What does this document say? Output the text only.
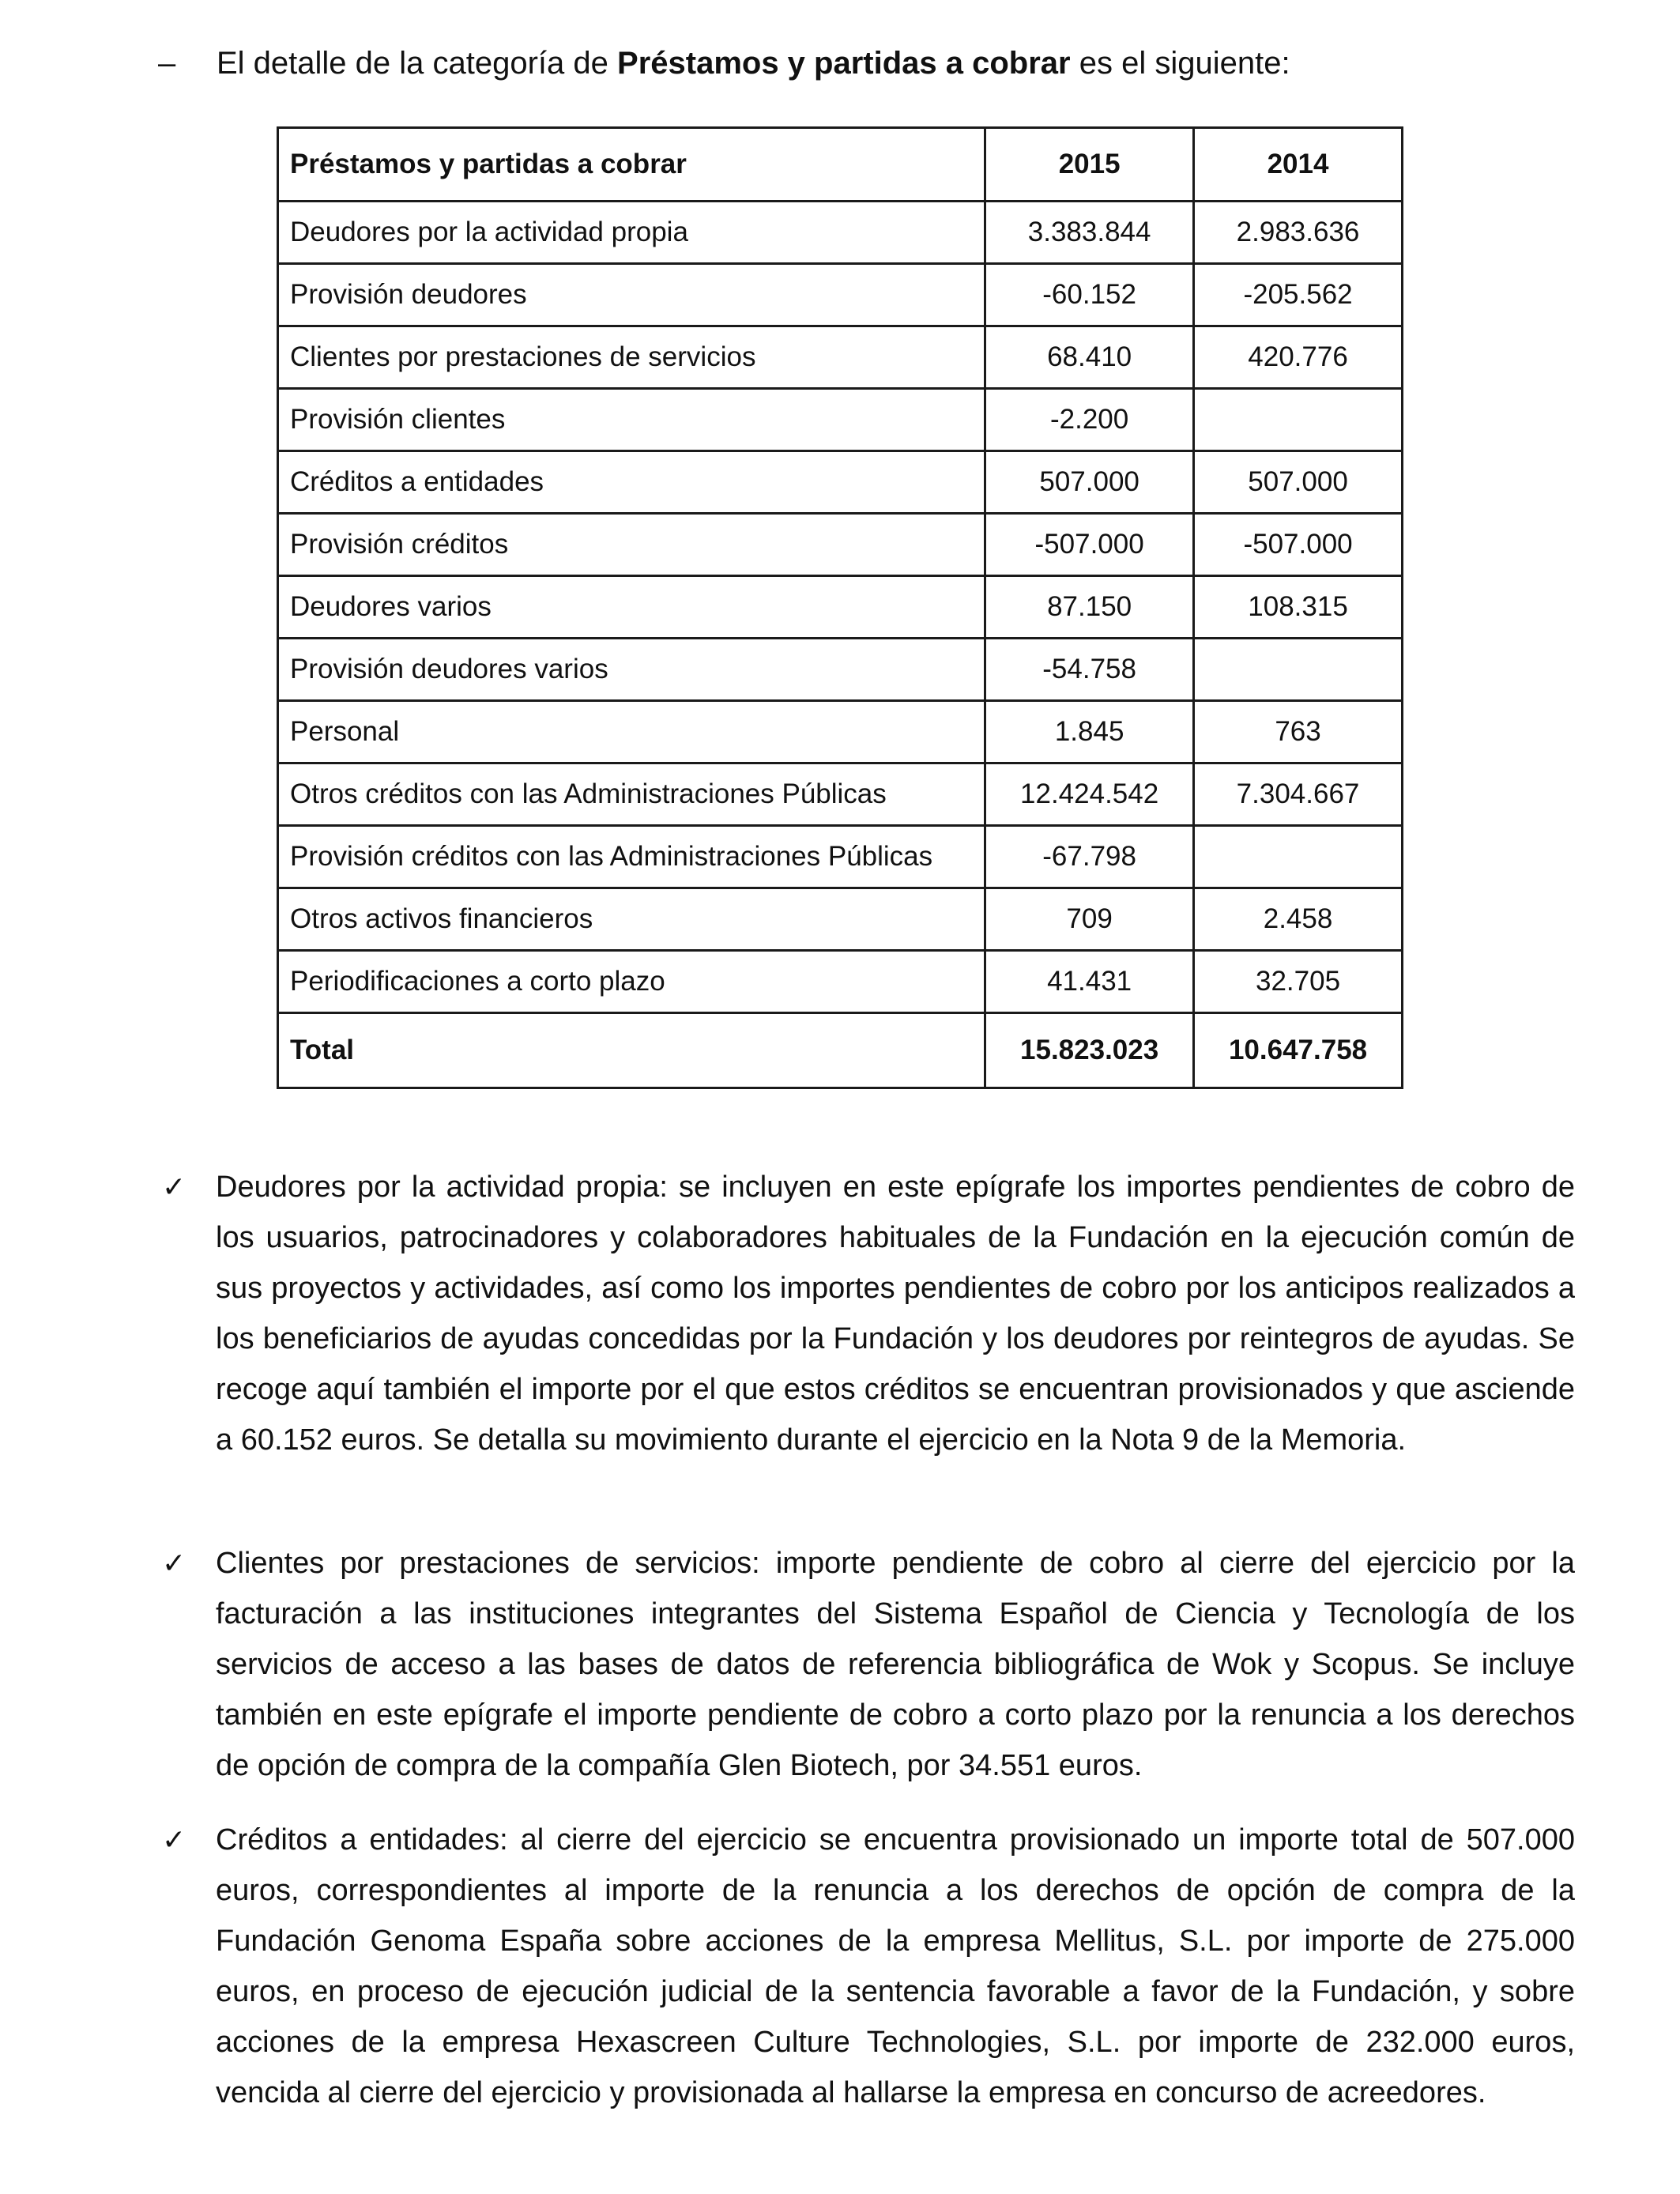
– El detalle de la categoría de Préstamos y partidas a cobrar es el siguiente:
Préstamos y partidas a cobrar	2015	2014
Deudores por la actividad propia	3.383.844	2.983.636
Provisión deudores	-60.152	-205.562
Clientes por prestaciones de servicios	68.410	420.776
Provisión clientes	-2.200	
Créditos a entidades	507.000	507.000
Provisión créditos	-507.000	-507.000
Deudores varios	87.150	108.315
Provisión deudores varios	-54.758	
Personal	1.845	763
Otros créditos con las Administraciones Públicas	12.424.542	7.304.667
Provisión créditos con las Administraciones Públicas	-67.798	
Otros activos financieros	709	2.458
Periodificaciones a corto plazo	41.431	32.705
Total	15.823.023	10.647.758
✓ Deudores por la actividad propia: se incluyen en este epígrafe los importes pendientes de cobro de los usuarios, patrocinadores y colaboradores habituales de la Fundación en la ejecución común de sus proyectos y actividades, así como los importes pendientes de cobro por los anticipos realizados a los beneficiarios de ayudas concedidas por la Fundación y los deudores por reintegros de ayudas. Se recoge aquí también el importe por el que estos créditos se encuentran provisionados y que asciende a 60.152 euros. Se detalla su movimiento durante el ejercicio en la Nota 9 de la Memoria.

✓ Clientes por prestaciones de servicios: importe pendiente de cobro al cierre del ejercicio por la facturación a las instituciones integrantes del Sistema Español de Ciencia y Tecnología de los servicios de acceso a las bases de datos de referencia bibliográfica de Wok y Scopus. Se incluye también en este epígrafe el importe pendiente de cobro a corto plazo por la renuncia a los derechos de opción de compra de la compañía Glen Biotech, por 34.551 euros.

✓ Créditos a entidades: al cierre del ejercicio se encuentra provisionado un importe total de 507.000 euros, correspondientes al importe de la renuncia a los derechos de opción de compra de la Fundación Genoma España sobre acciones de la empresa Mellitus, S.L. por importe de 275.000 euros, en proceso de ejecución judicial de la sentencia favorable a favor de la Fundación, y sobre acciones de la empresa Hexascreen Culture Technologies, S.L. por importe de 232.000 euros, vencida al cierre del ejercicio y provisionada al hallarse la empresa en concurso de acreedores.
